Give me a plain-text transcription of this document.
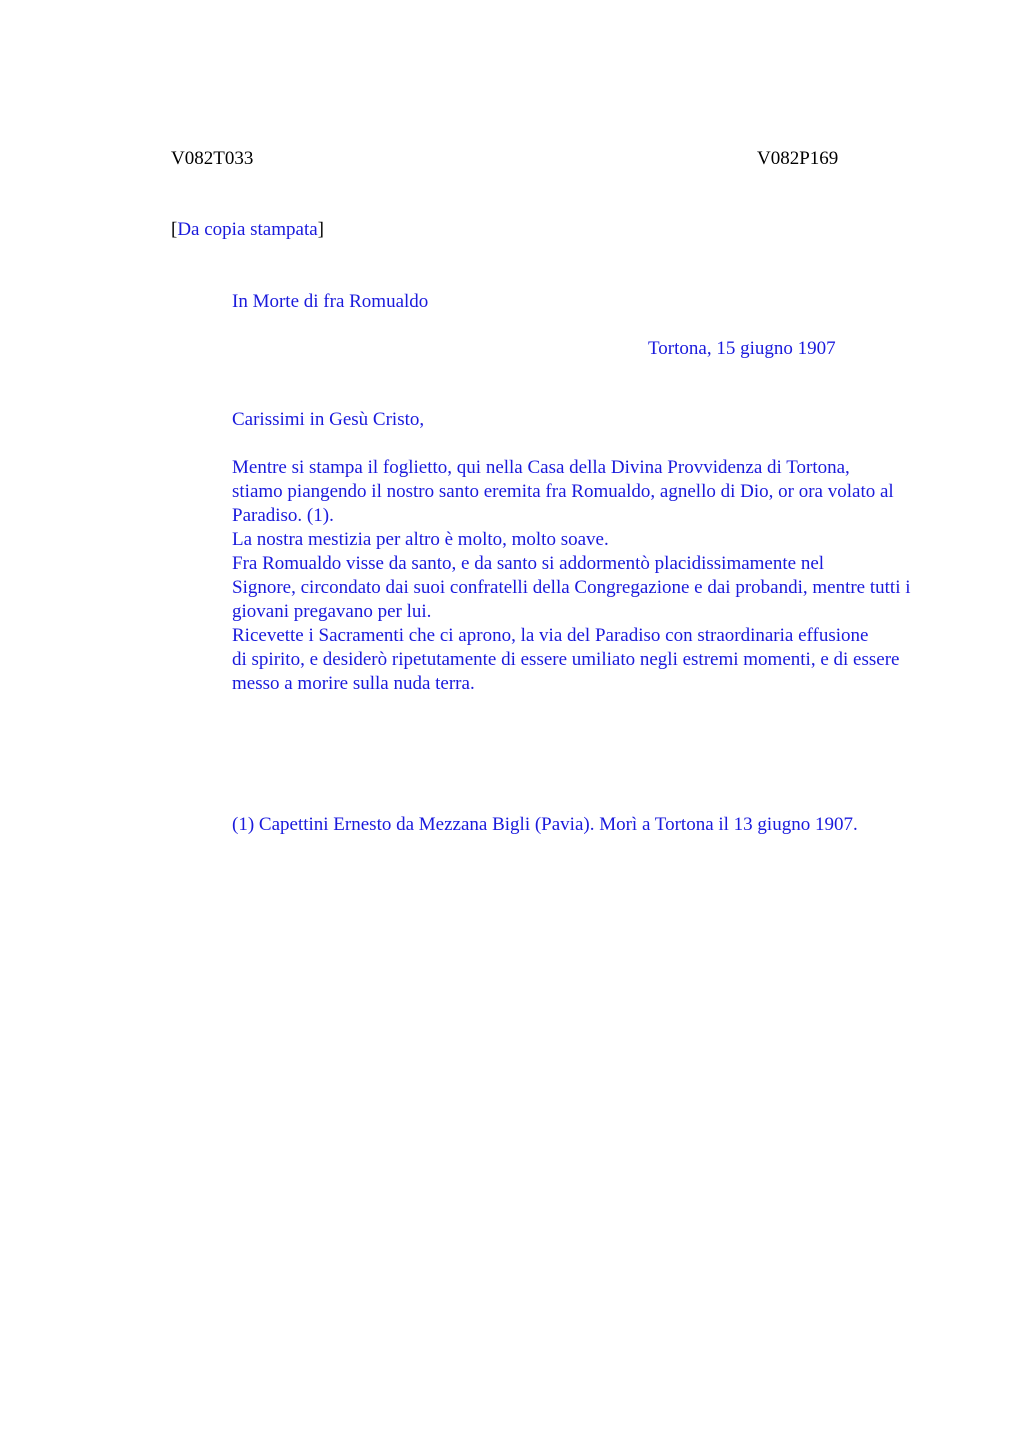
V082T033	V082P169
[Da copia stampata]
In Morte di fra Romualdo
Tortona, 15 giugno 1907
Carissimi in Gesù Cristo,

Mentre si stampa il foglietto, qui nella Casa della Divina Provvidenza di Tortona,
stiamo piangendo il nostro santo eremita fra Romualdo, agnello di Dio, or ora volato al
Paradiso. (1).

La nostra mestizia per altro è molto, molto soave.

Fra Romualdo visse da santo, e da santo si addormentò placidissimamente nel
Signore, circondato dai suoi confratelli della Congregazione e dai probandi, mentre tutti i
giovani pregavano per lui.

Ricevette i Sacramenti che ci aprono, la via del Paradiso con straordinaria effusione
di spirito, e desiderò ripetutamente di essere umiliato negli estremi momenti, e di essere
messo a morire sulla nuda terra.

(1) Capettini Ernesto da Mezzana Bigli (Pavia). Morì a Tortona il 13 giugno 1907.
